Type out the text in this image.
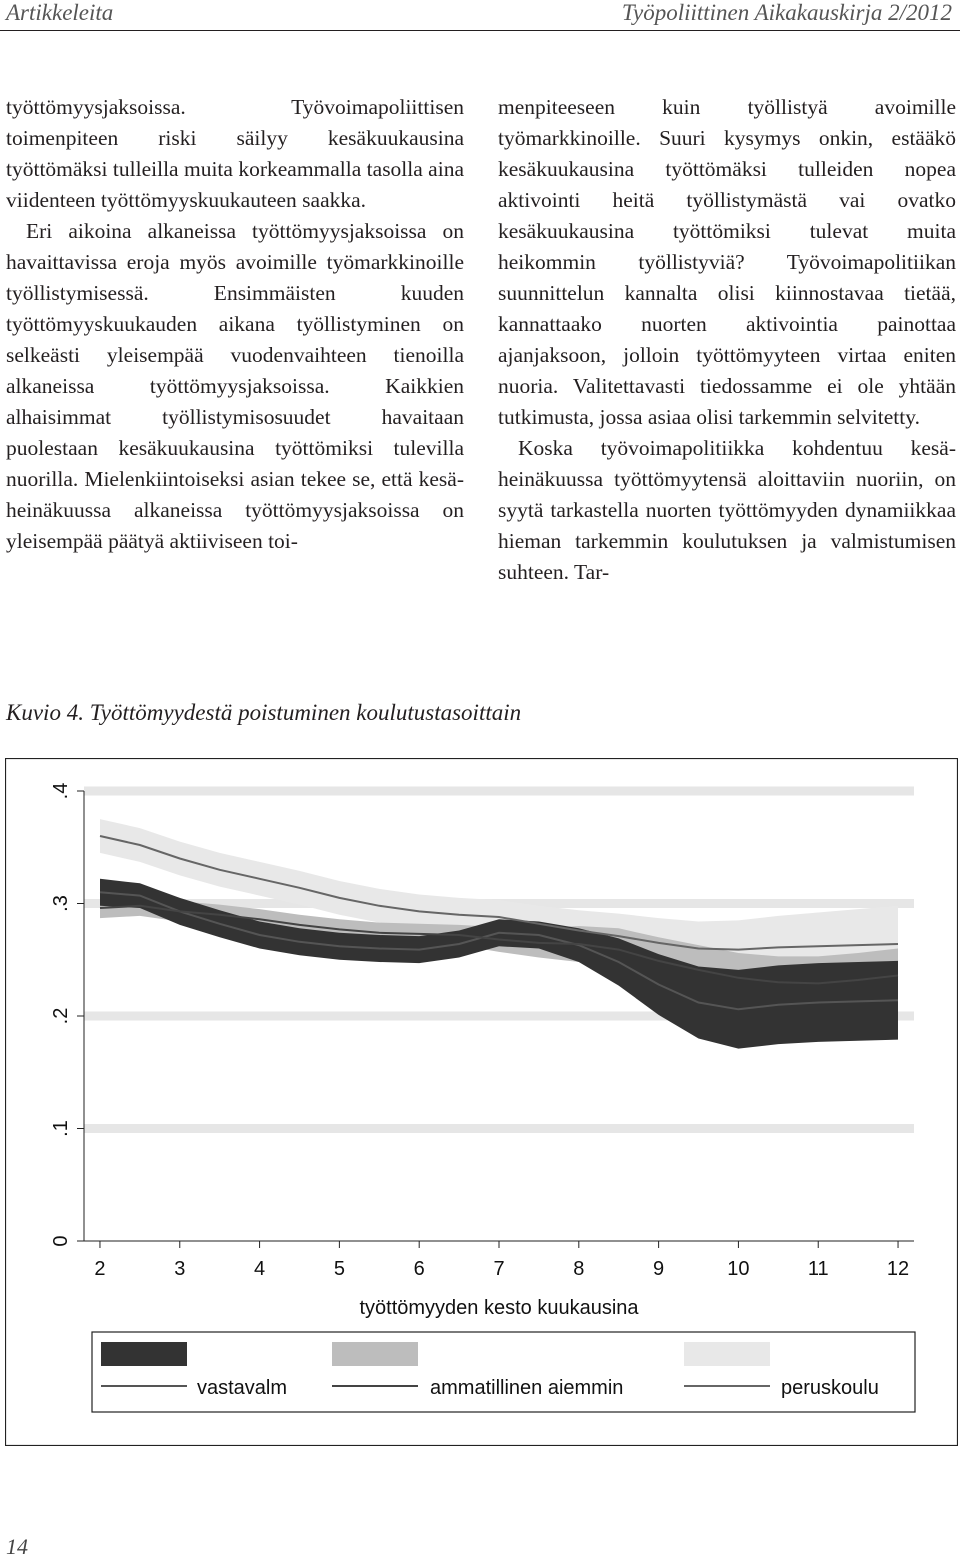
Artikkeleita	Työpoliittinen Aikakauskirja 2/2012

työttömyysjaksoissa. Työvoimapoliittisen toimenpiteen riski säilyy kesäkuukausina työttömäksi tulleilla muita korkeammalla tasolla aina viidenteen työttömyyskuukauteen saakka.

Eri aikoina alkaneissa työttömyysjaksoissa on havaittavissa eroja myös avoimille työmarkkinoille työllistymisessä. Ensimmäisten kuuden työttömyyskuukauden aikana työllistyminen on selkeästi yleisempää vuodenvaihteen tienoilla alkaneissa työttömyysjaksoissa. Kaikkien alhaisimmat työllistymisosuudet havaitaan puolestaan kesäkuukausina työttömiksi tulevilla nuorilla. Mielenkiintoiseksi asian tekee se, että kesä-heinäkuussa alkaneissa työttömyysjaksoissa on yleisempää päätyä aktiiviseen toi-

menpiteeseen kuin työllistyä avoimille työmarkkinoille. Suuri kysymys onkin, estääkö kesäkuukausina työttömäksi tulleiden nopea aktivointi heitä työllistymästä vai ovatko kesäkuukausina työttömiksi tulevat muita heikommin työllistyviä? Työvoimapolitiikan suunnittelun kannalta olisi kiinnostavaa tietää, kannattaako nuorten aktivointia painottaa ajanjaksoon, jolloin työttömyyteen virtaa eniten nuoria. Valitettavasti tiedossamme ei ole yhtään tutkimusta, jossa asiaa olisi tarkemmin selvitetty.

Koska työvoimapolitiikka kohdentuu kesä-heinäkuussa työttömyytensä aloittaviin nuoriin, on syytä tarkastella nuorten työttömyyden dynamiikkaa hieman tarkemmin koulutuksen ja valmistumisen suhteen. Tar-

Kuvio 4. Työttömyydestä poistuminen koulutustasoittain
0
.1
.2
.3
.4
2	3	4	5	6	7	8	9	10	11	12
työttömyyden kesto kuukausina
vastavalm	ammatillinen aiemmin	peruskoulu
14
